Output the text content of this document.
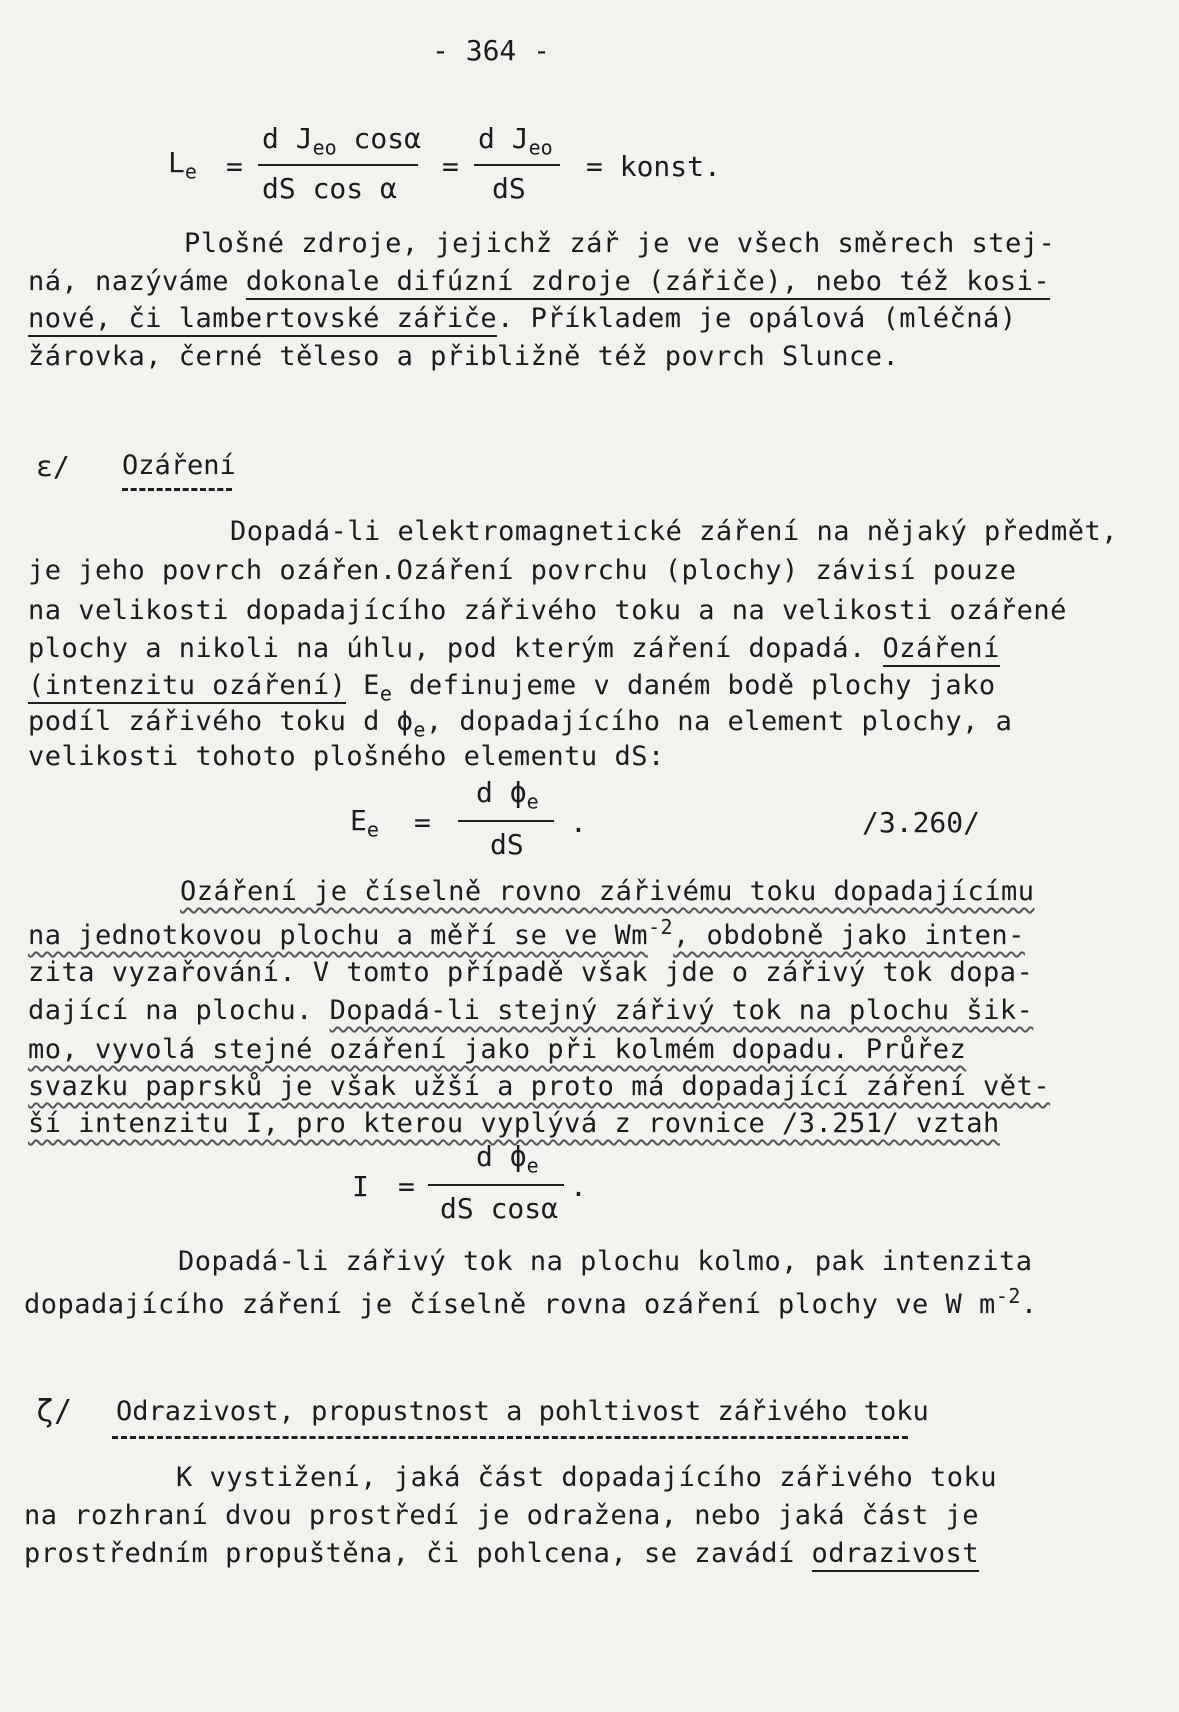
- 364 -
$L_e$ =
d $J_{eo}$ cosα
dS cos α
=
d $J_{eo}$
dS
= konst.
Plošné zdroje, jejichž zář je ve všech směrech stej-
ná, nazýváme dokonale difúzní zdroje (zářiče), nebo též kosi-
nové, či lambertovské zářiče. Příkladem je opálová (mléčná)
žárovka, černé těleso a přibližně též povrch Slunce.
ε/ Ozáření
Dopadá-li elektromagnetické záření na nějaký předmět,
je jeho povrch ozářen.Ozáření povrchu (plochy) závisí pouze
na velikosti dopadajícího zářivého toku a na velikosti ozářené
plochy a nikoli na úhlu, pod kterým záření dopadá. Ozáření
(intenzitu ozáření) $E_e$ definujeme v daném bodě plochy jako
podíl zářivého toku d $\phi_e$, dopadajícího na element plochy, a
velikosti tohoto plošného elementu dS:
$E_e$ =
d $\phi_e$
dS
.	/3.260/
Ozáření je číselně rovno zářivému toku dopadajícímu
na jednotkovou plochu a měří se ve $Wm^{-2}$, obdobně jako inten-
zita vyzařování. V tomto případě však jde o zářivý tok dopa-
dající na plochu. Dopadá-li stejný zářivý tok na plochu šik-
mo, vyvolá stejné ozáření jako při kolmém dopadu. Průřez
svazku paprsků je však užší a proto má dopadající záření vět-
ší intenzitu I, pro kterou vyplývá z rovnice /3.251/ vztah
I =
d $\phi_e$
dS cosα
.
Dopadá-li zářivý tok na plochu kolmo, pak intenzita
dopadajícího záření je číselně rovna ozáření plochy ve W $m^{-2}$.
ζ/ Odrazivost, propustnost a pohltivost zářivého toku
K vystižení, jaká část dopadajícího zářivého toku
na rozhraní dvou prostředí je odražena, nebo jaká část je
prostředním propuštěna, či pohlcena, se zavádí odrazivost
